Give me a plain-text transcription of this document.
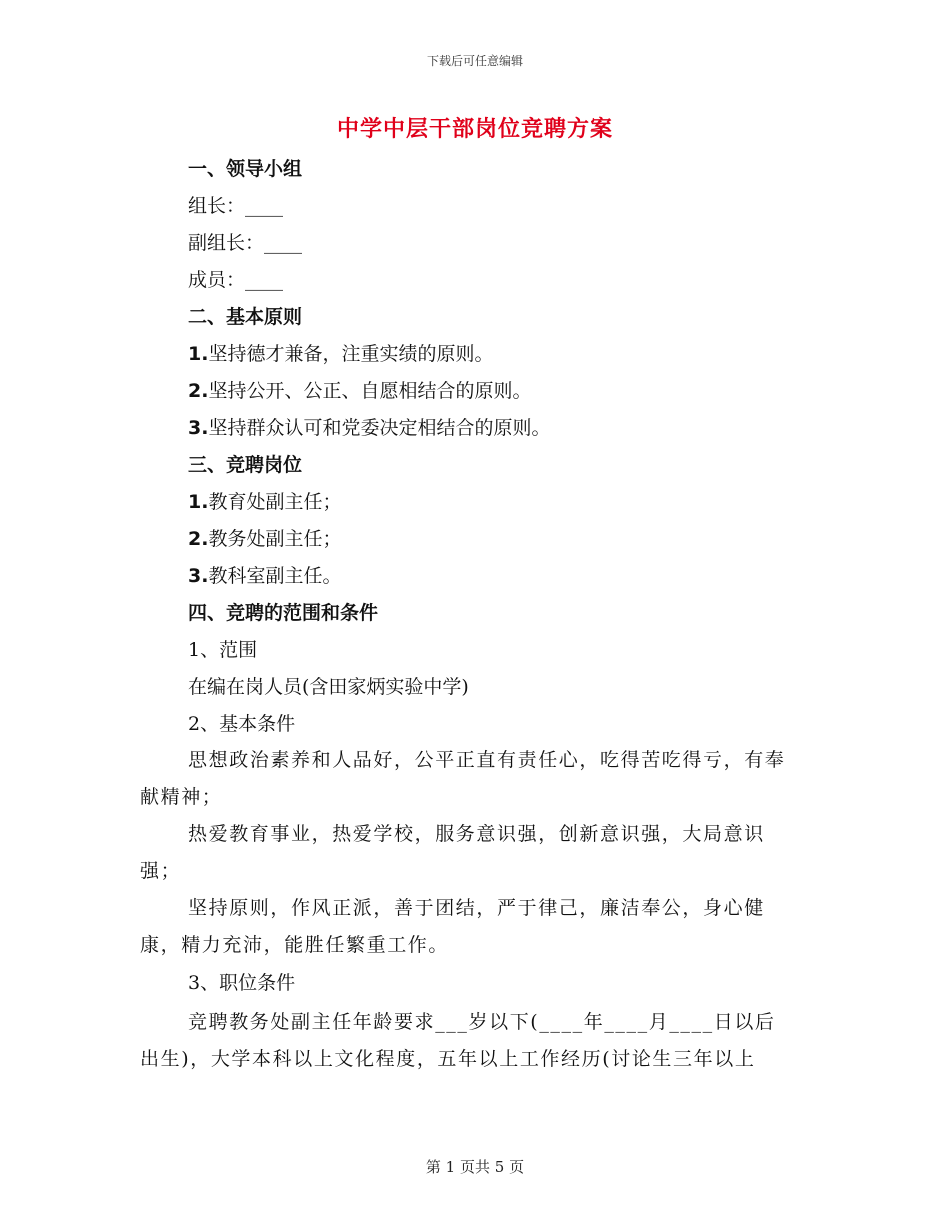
下载后可任意编辑
中学中层干部岗位竞聘方案
一、领导小组
组长：____
副组长：____
成员：____
二、基本原则
1.坚持德才兼备，注重实绩的原则。
2.坚持公开、公正、自愿相结合的原则。
3.坚持群众认可和党委决定相结合的原则。
三、竞聘岗位
1.教育处副主任；
2.教务处副主任；
3.教科室副主任。
四、竞聘的范围和条件
1、范围
在编在岗人员(含田家炳实验中学)
2、基本条件
思想政治素养和人品好，公平正直有责任心，吃得苦吃得亏，有奉献精神；
热爱教育事业，热爱学校，服务意识强，创新意识强，大局意识强；
坚持原则，作风正派，善于团结，严于律己，廉洁奉公，身心健康，精力充沛，能胜任繁重工作。
3、职位条件
竞聘教务处副主任年龄要求___岁以下(____年____月____日以后出生)，大学本科以上文化程度，五年以上工作经历(讨论生三年以上
第 1 页共 5 页
